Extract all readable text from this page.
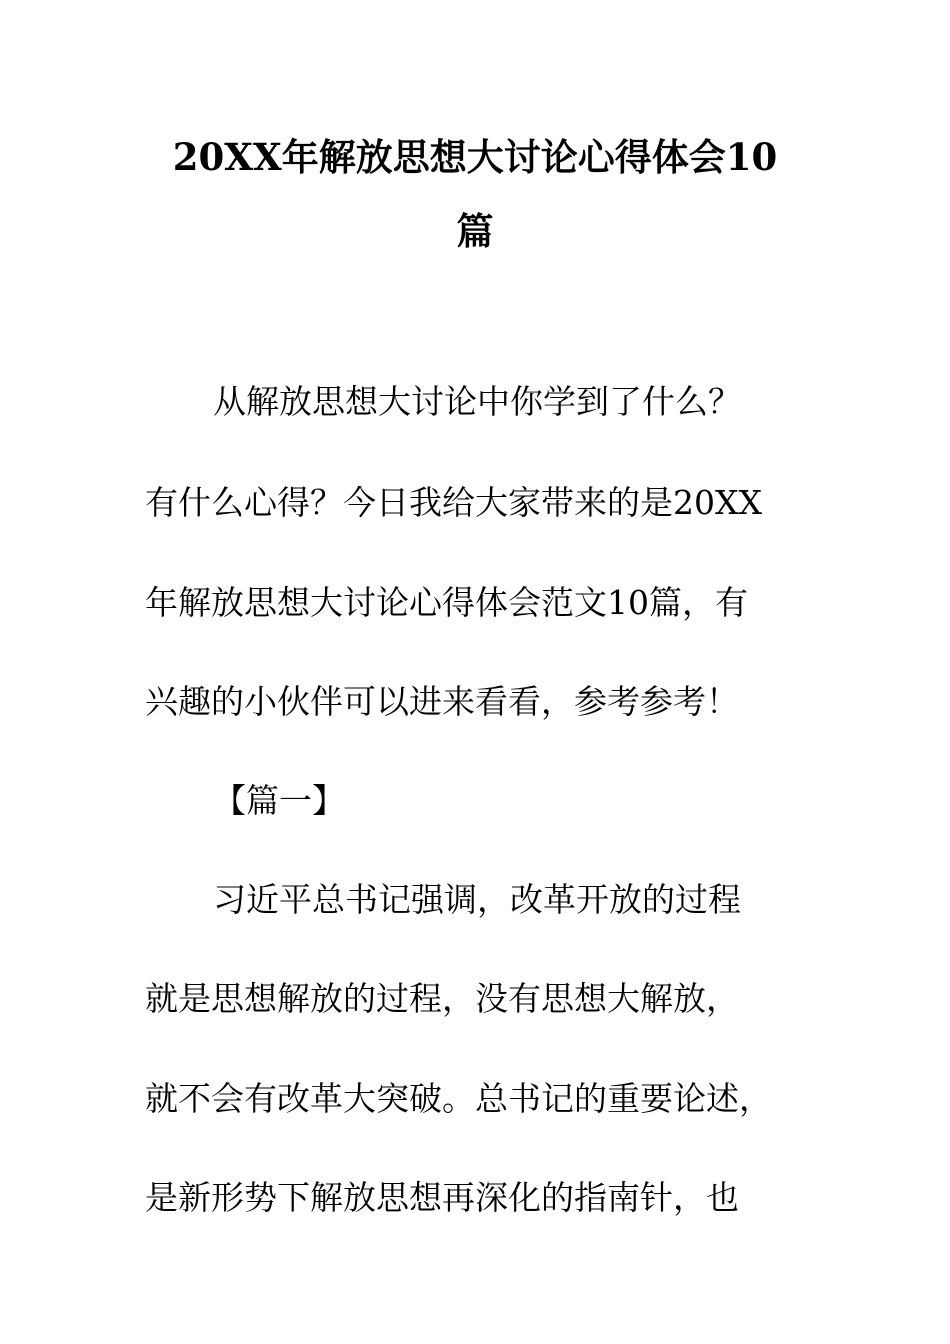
20XX年解放思想大讨论心得体会10
篇
从解放思想大讨论中你学到了什么？
有什么心得？今日我给大家带来的是20XX
年解放思想大讨论心得体会范文10篇，有
兴趣的小伙伴可以进来看看，参考参考！
【篇一】
习近平总书记强调，改革开放的过程
就是思想解放的过程，没有思想大解放，
就不会有改革大突破。总书记的重要论述，
是新形势下解放思想再深化的指南针，也
